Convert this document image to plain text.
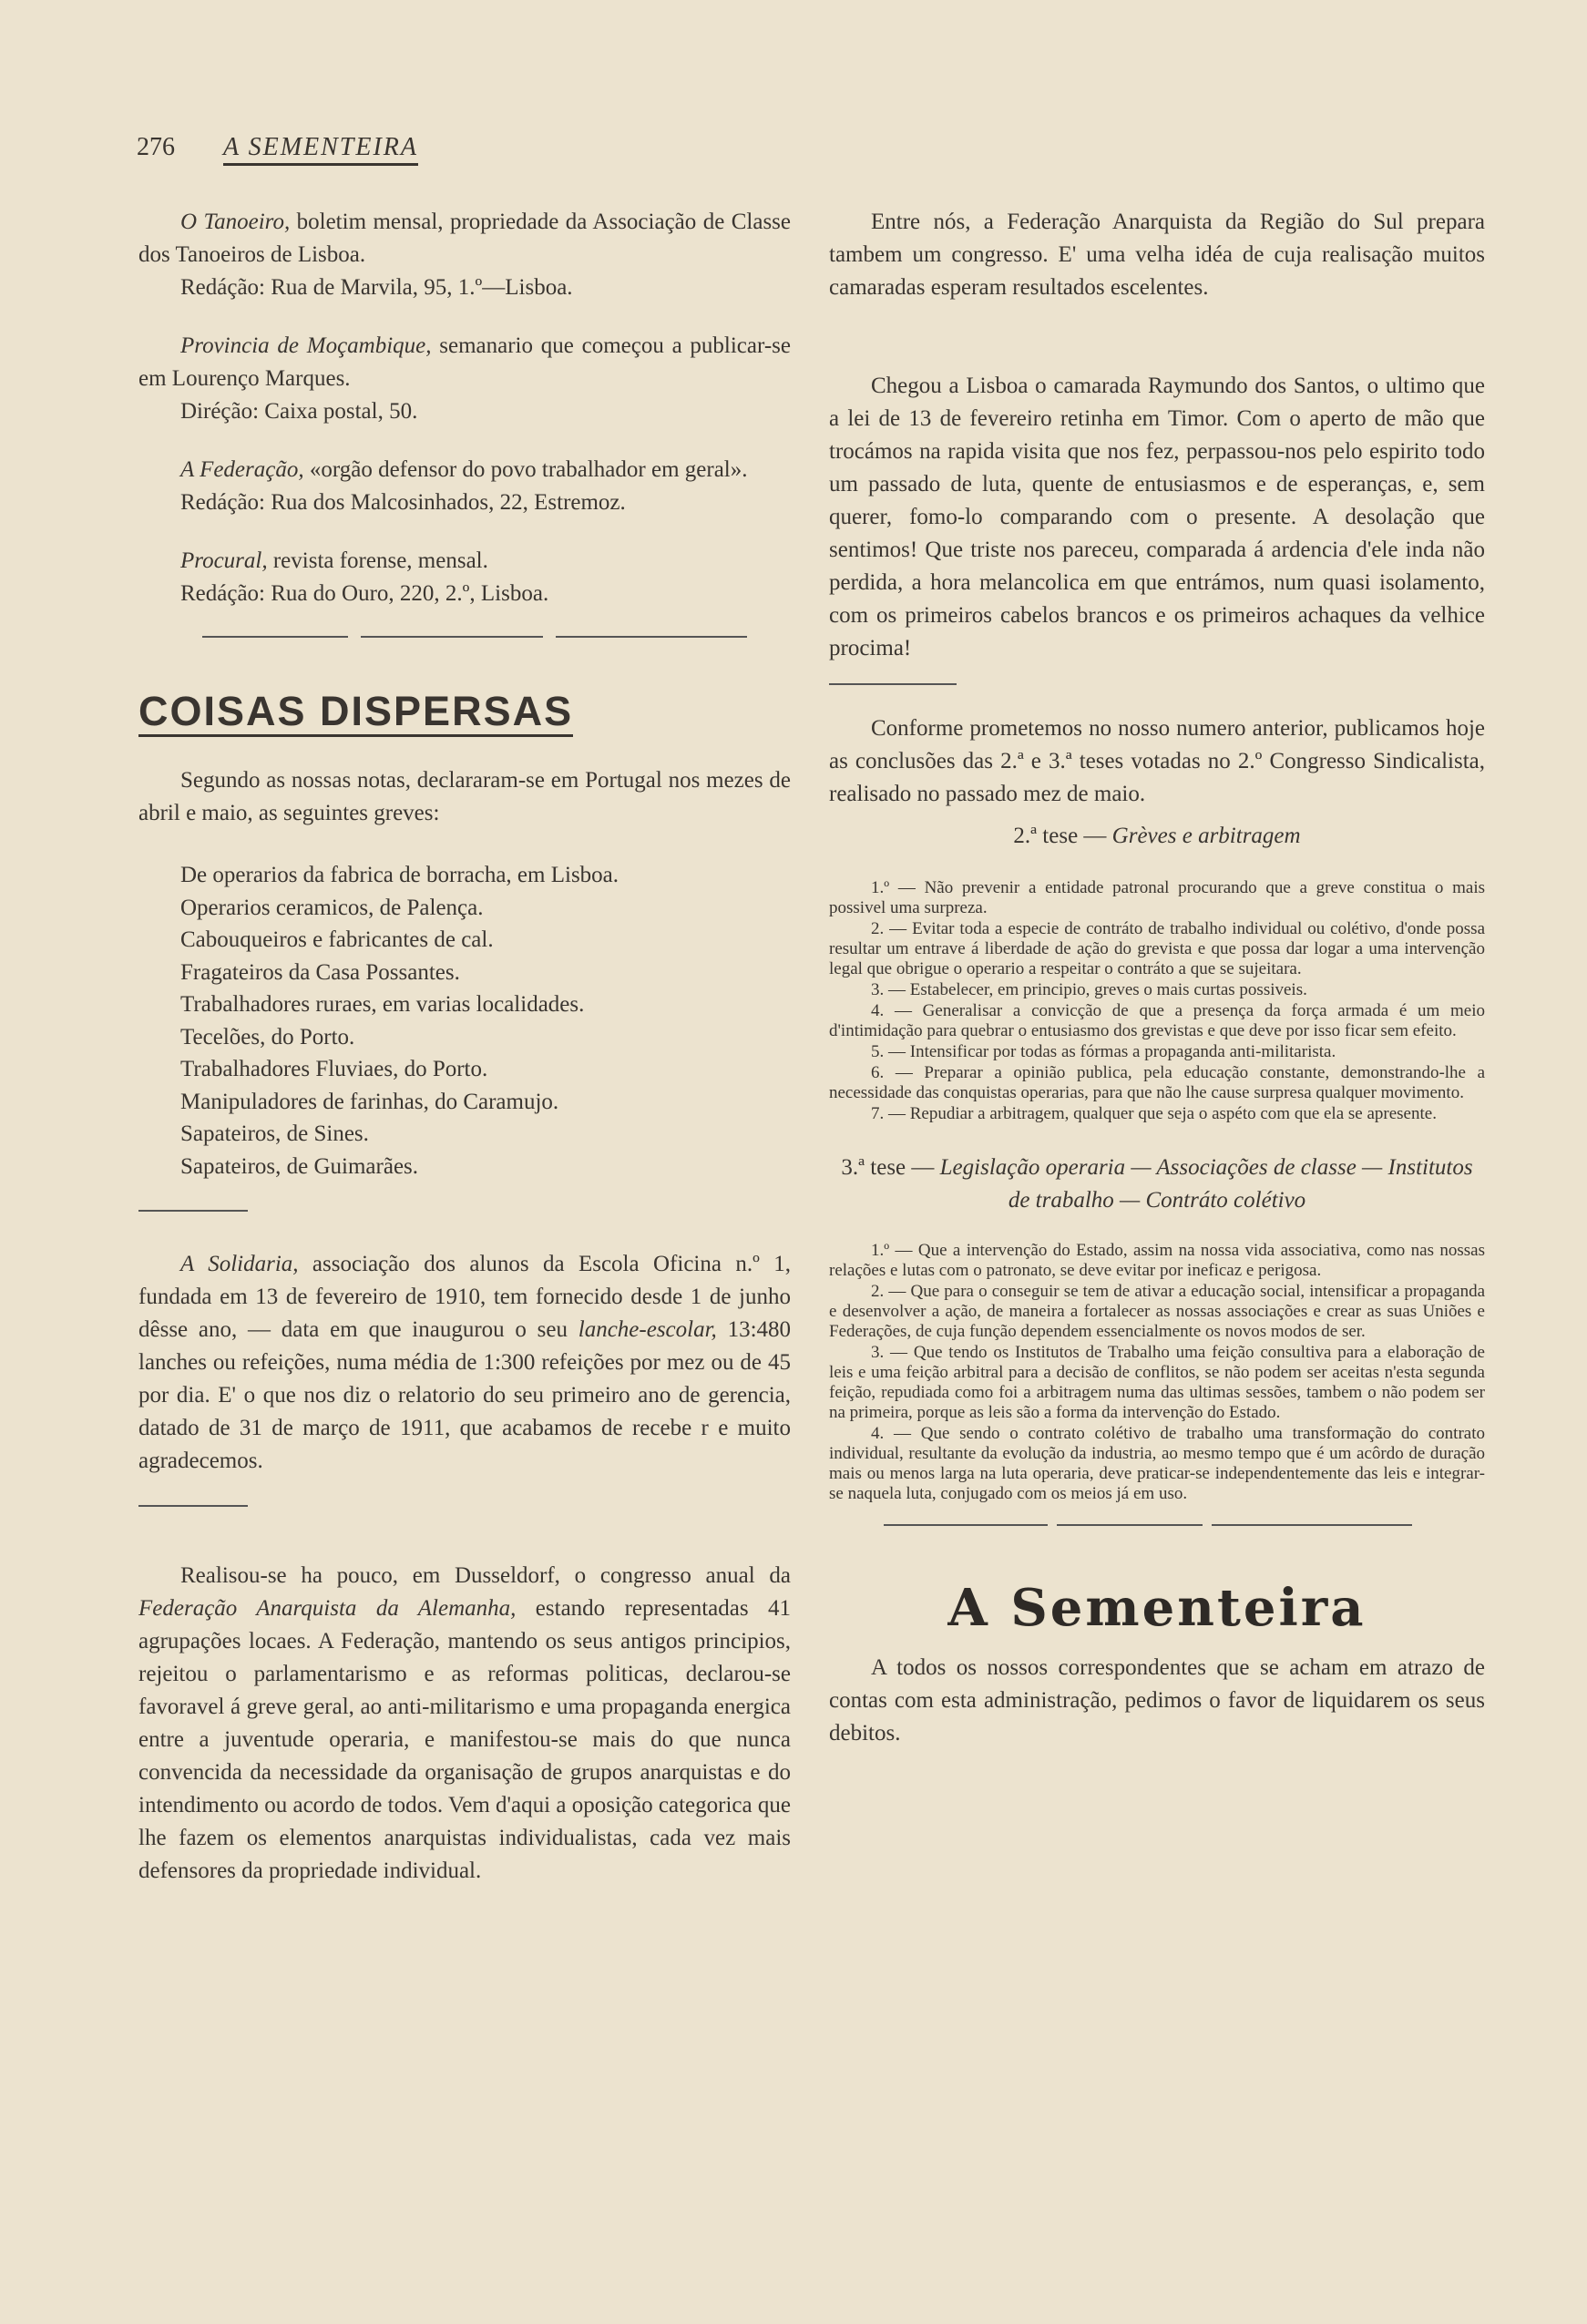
276 A SEMENTEIRA

O Tanoeiro, boletim mensal, propriedade da Associação de Classe dos Tanoeiros de Lisboa.

Redáção: Rua de Marvila, 95, 1.º—Lisboa.

Provincia de Moçambique, semanario que começou a publicar-se em Lourenço Marques.

Diréção: Caixa postal, 50.

A Federação, «orgão defensor do povo trabalhador em geral».

Redáção: Rua dos Malcosinhados, 22, Estremoz.

Procural, revista forense, mensal.

Redáção: Rua do Ouro, 220, 2.º, Lisboa.

COISAS DISPERSAS

Segundo as nossas notas, declararam-se em Portugal nos mezes de abril e maio, as seguintes greves:

De operarios da fabrica de borracha, em Lisboa.
Operarios ceramicos, de Palença.
Cabouqueiros e fabricantes de cal.
Fragateiros da Casa Possantes.
Trabalhadores ruraes, em varias localidades.
Tecelões, do Porto.
Trabalhadores Fluviaes, do Porto.
Manipuladores de farinhas, do Caramujo.
Sapateiros, de Sines.
Sapateiros, de Guimarães.

A Solidaria, associação dos alunos da Escola Oficina n.º 1, fundada em 13 de fevereiro de 1910, tem fornecido desde 1 de junho dêsse ano, — data em que inaugurou o seu lanche-escolar, 13:480 lanches ou refeições, numa média de 1:300 refeições por mez ou de 45 por dia. E' o que nos diz o relatorio do seu primeiro ano de gerencia, datado de 31 de março de 1911, que acabamos de recebe r e muito agradecemos.

Realisou-se ha pouco, em Dusseldorf, o congresso anual da Federação Anarquista da Alemanha, estando representadas 41 agrupações locaes. A Federação, mantendo os seus antigos principios, rejeitou o parlamentarismo e as reformas politicas, declarou-se favoravel á greve geral, ao anti-militarismo e uma propaganda energica entre a juventude operaria, e manifestou-se mais do que nunca convencida da necessidade da organisação de grupos anarquistas e do intendimento ou acordo de todos. Vem d'aqui a oposição categorica que lhe fazem os elementos anarquistas individualistas, cada vez mais defensores da propriedade individual.

Entre nós, a Federação Anarquista da Região do Sul prepara tambem um congresso. E' uma velha idéa de cuja realisação muitos camaradas esperam resultados escelentes.

Chegou a Lisboa o camarada Raymundo dos Santos, o ultimo que a lei de 13 de fevereiro retinha em Timor. Com o aperto de mão que trocámos na rapida visita que nos fez, perpassou-nos pelo espirito todo um passado de luta, quente de entusiasmos e de esperanças, e, sem querer, fomo-lo comparando com o presente. A desolação que sentimos! Que triste nos pareceu, comparada á ardencia d'ele inda não perdida, a hora melancolica em que entrámos, num quasi isolamento, com os primeiros cabelos brancos e os primeiros achaques da velhice procima!

Conforme prometemos no nosso numero anterior, publicamos hoje as conclusões das 2.ª e 3.ª teses votadas no 2.º Congresso Sindicalista, realisado no passado mez de maio.

2.ª tese — Grèves e arbitragem

1.º — Não prevenir a entidade patronal procurando que a greve constitua o mais possivel uma surpreza.

2. — Evitar toda a especie de contráto de trabalho individual ou colétivo, d'onde possa resultar um entrave á liberdade de ação do grevista e que possa dar logar a uma intervenção legal que obrigue o operario a respeitar o contráto a que se sujeitara.

3. — Estabelecer, em principio, greves o mais curtas possiveis.

4. — Generalisar a convicção de que a presença da força armada é um meio d'intimidação para quebrar o entusiasmo dos grevistas e que deve por isso ficar sem efeito.

5. — Intensificar por todas as fórmas a propaganda anti-militarista.

6. — Preparar a opinião publica, pela educação constante, demonstrando-lhe a necessidade das conquistas operarias, para que não lhe cause surpresa qualquer movimento.

7. — Repudiar a arbitragem, qualquer que seja o aspéto com que ela se apresente.

3.ª tese — Legislação operaria — Associações de classe — Institutos de trabalho — Contráto colétivo

1.º — Que a intervenção do Estado, assim na nossa vida associativa, como nas nossas relações e lutas com o patronato, se deve evitar por ineficaz e perigosa.

2. — Que para o conseguir se tem de ativar a educação social, intensificar a propaganda e desenvolver a ação, de maneira a fortalecer as nossas associações e crear as suas Uniões e Federações, de cuja função dependem essencialmente os novos modos de ser.

3. — Que tendo os Institutos de Trabalho uma feição consultiva para a elaboração de leis e uma feição arbitral para a decisão de conflitos, se não podem ser aceitas n'esta segunda feição, repudiada como foi a arbitragem numa das ultimas sessões, tambem o não podem ser na primeira, porque as leis são a forma da intervenção do Estado.

4. — Que sendo o contrato colétivo de trabalho uma transformação do contrato individual, resultante da evolução da industria, ao mesmo tempo que é um acôrdo de duração mais ou menos larga na luta operaria, deve praticar-se independentemente das leis e integrar-se naquela luta, conjugado com os meios já em uso.

A Sementeira

A todos os nossos correspondentes que se acham em atrazo de contas com esta administração, pedimos o favor de liquidarem os seus debitos.
